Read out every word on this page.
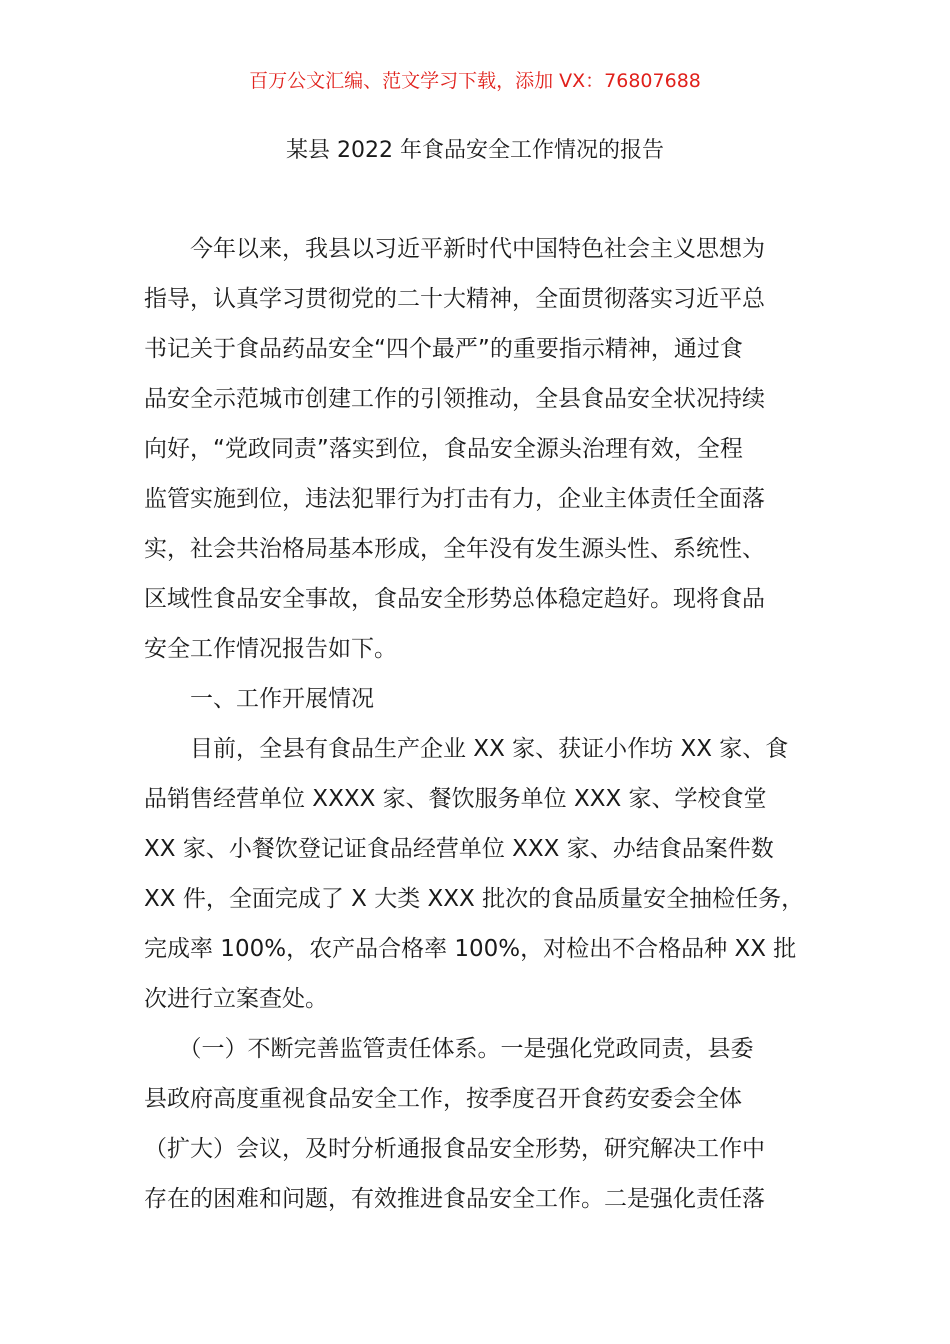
百万公文汇编、范文学习下载，添加 VX：76807688
某县 2022 年食品安全工作情况的报告
　　今年以来，我县以习近平新时代中国特色社会主义思想为
指导，认真学习贯彻党的二十大精神，全面贯彻落实习近平总
书记关于食品药品安全“四个最严”的重要指示精神，通过食
品安全示范城市创建工作的引领推动，全县食品安全状况持续
向好，“党政同责”落实到位，食品安全源头治理有效，全程
监管实施到位，违法犯罪行为打击有力，企业主体责任全面落
实，社会共治格局基本形成，全年没有发生源头性、系统性、
区域性食品安全事故，食品安全形势总体稳定趋好。现将食品
安全工作情况报告如下。
　　一、工作开展情况
　　目前，全县有食品生产企业 XX 家、获证小作坊 XX 家、食
品销售经营单位 XXXX 家、餐饮服务单位 XXX 家、学校食堂
XX 家、小餐饮登记证食品经营单位 XXX 家、办结食品案件数
XX 件，全面完成了 X 大类 XXX 批次的食品质量安全抽检任务，
完成率 100%，农产品合格率 100%，对检出不合格品种 XX 批
次进行立案查处。
　　（一）不断完善监管责任体系。一是强化党政同责，县委
县政府高度重视食品安全工作，按季度召开食药安委会全体
（扩大）会议，及时分析通报食品安全形势，研究解决工作中
存在的困难和问题，有效推进食品安全工作。二是强化责任落
